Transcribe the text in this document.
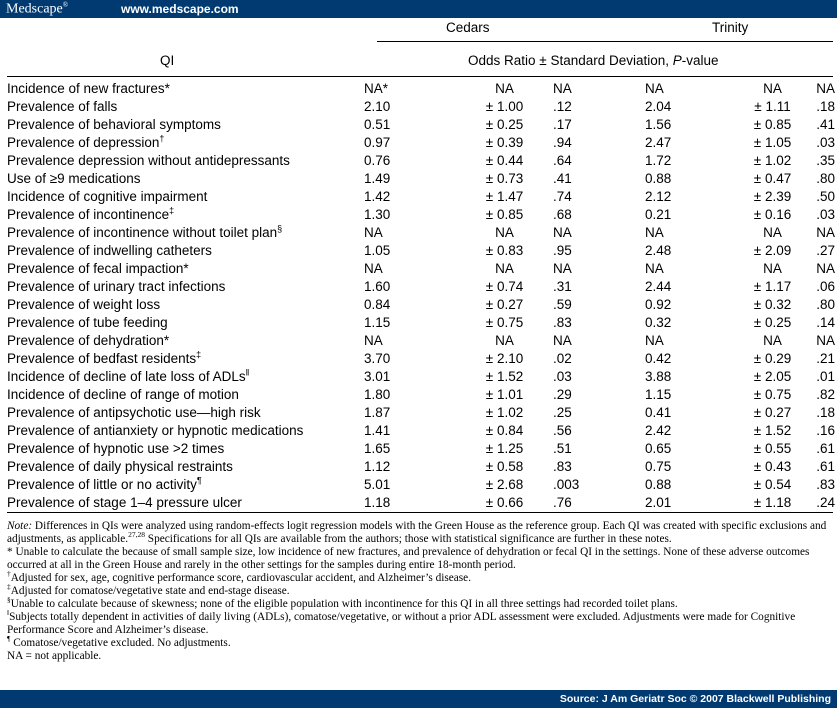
Medscape®	www.medscape.com
Cedars	Trinity
QI	Odds Ratio ± Standard Deviation, P-value
Incidence of new fractures*	NA*	NA	NA	NA	NA	NA
Prevalence of falls	2.10	± 1.00	.12	2.04	± 1.11	.18
Prevalence of behavioral symptoms	0.51	± 0.25	.17	1.56	± 0.85	.41
Prevalence of depression†	0.97	± 0.39	.94	2.47	± 1.05	.03
Prevalence depression without antidepressants	0.76	± 0.44	.64	1.72	± 1.02	.35
Use of ≥9 medications	1.49	± 0.73	.41	0.88	± 0.47	.80
Incidence of cognitive impairment	1.42	± 1.47	.74	2.12	± 2.39	.50
Prevalence of incontinence‡	1.30	± 0.85	.68	0.21	± 0.16	.03
Prevalence of incontinence without toilet plan§	NA	NA	NA	NA	NA	NA
Prevalence of indwelling catheters	1.05	± 0.83	.95	2.48	± 2.09	.27
Prevalence of fecal impaction*	NA	NA	NA	NA	NA	NA
Prevalence of urinary tract infections	1.60	± 0.74	.31	2.44	± 1.17	.06
Prevalence of weight loss	0.84	± 0.27	.59	0.92	± 0.32	.80
Prevalence of tube feeding	1.15	± 0.75	.83	0.32	± 0.25	.14
Prevalence of dehydration*	NA	NA	NA	NA	NA	NA
Prevalence of bedfast residents‡	3.70	± 2.10	.02	0.42	± 0.29	.21
Incidence of decline of late loss of ADLs‖	3.01	± 1.52	.03	3.88	± 2.05	.01
Incidence of decline of range of motion	1.80	± 1.01	.29	1.15	± 0.75	.82
Prevalence of antipsychotic use—high risk	1.87	± 1.02	.25	0.41	± 0.27	.18
Prevalence of antianxiety or hypnotic medications	1.41	± 0.84	.56	2.42	± 1.52	.16
Prevalence of hypnotic use >2 times	1.65	± 1.25	.51	0.65	± 0.55	.61
Prevalence of daily physical restraints	1.12	± 0.58	.83	0.75	± 0.43	.61
Prevalence of little or no activity¶	5.01	± 2.68	.003	0.88	± 0.54	.83
Prevalence of stage 1–4 pressure ulcer	1.18	± 0.66	.76	2.01	± 1.18	.24

Note: Differences in QIs were analyzed using random-effects logit regression models with the Green House as the reference group. Each QI was created with specific exclusions and adjustments, as applicable.$^{27,28}$ Specifications for all QIs are available from the authors; those with statistical significance are further in these notes.

* Unable to calculate the because of small sample size, low incidence of new fractures, and prevalence of dehydration or fecal QI in the settings. None of these adverse outcomes occurred at all in the Green House and rarely in the other settings for the samples during entire 18-month period.

†Adjusted for sex, age, cognitive performance score, cardiovascular accident, and Alzheimer’s disease.

‡Adjusted for comatose/vegetative state and end-stage disease.

§Unable to calculate because of skewness; none of the eligible population with incontinence for this QI in all three settings had recorded toilet plans.

‖Subjects totally dependent in activities of daily living (ADLs), comatose/vegetative, or without a prior ADL assessment were excluded. Adjustments were made for Cognitive Performance Score and Alzheimer’s disease.

¶ Comatose/vegetative excluded. No adjustments.

NA = not applicable.

Source: J Am Geriatr Soc © 2007 Blackwell Publishing
